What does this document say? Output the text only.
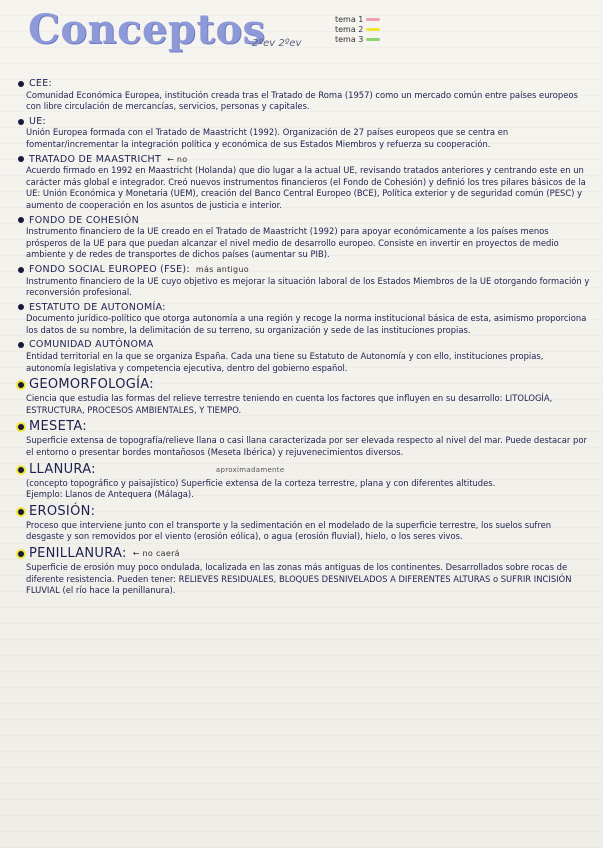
Conceptos
2ºev 2ºev
tema 1
tema 2
tema 3
CEE:

Comunidad Económica Europea, institución creada tras el Tratado de Roma (1957) como un mercado común entre países europeos con libre circulación de mercancías, servicios, personas y capitales.

UE:

Unión Europea formada con el Tratado de Maastricht (1992). Organización de 27 países europeos que se centra en fomentar/incrementar la integración política y económica de sus Estados Miembros y refuerza su cooperación.

TRATADO DE MAASTRICHT ← no

Acuerdo firmado en 1992 en Maastricht (Holanda) que dio lugar a la actual UE, revisando tratados anteriores y centrando este en un carácter más global e integrador. Creó nuevos instrumentos financieros (el Fondo de Cohesión) y definió los tres pilares básicos de la UE: Unión Económica y Monetaria (UEM), creación del Banco Central Europeo (BCE), Política exterior y de seguridad común (PESC) y aumento de cooperación en los asuntos de justicia e interior.

FONDO DE COHESIÓN

Instrumento financiero de la UE creado en el Tratado de Maastricht (1992) para apoyar económicamente a los países menos prósperos de la UE para que puedan alcanzar el nivel medio de desarrollo europeo. Consiste en invertir en proyectos de medio ambiente y de redes de transportes de dichos países (aumentar su PIB).

FONDO SOCIAL EUROPEO (FSE): más antiguo

Instrumento financiero de la UE cuyo objetivo es mejorar la situación laboral de los Estados Miembros de la UE otorgando formación y reconversión profesional.

ESTATUTO DE AUTONOMÍA:

Documento jurídico-político que otorga autonomía a una región y recoge la norma institucional básica de esta, asimismo proporciona los datos de su nombre, la delimitación de su terreno, su organización y sede de las instituciones propias.

COMUNIDAD AUTÓNOMA

Entidad territorial en la que se organiza España. Cada una tiene su Estatuto de Autonomía y con ello, instituciones propias, autonomía legislativa y competencia ejecutiva, dentro del gobierno español.

GEOMORFOLOGÍA:

Ciencia que estudia las formas del relieve terrestre teniendo en cuenta los factores que influyen en su desarrollo: LITOLOGÍA, ESTRUCTURA, PROCESOS AMBIENTALES, Y TIEMPO.

MESETA:

Superficie extensa de topografía/relieve llana o casi llana caracterizada por ser elevada respecto al nivel del mar. Puede destacar por el entorno o presentar bordes montañosos (Meseta Ibérica) y rejuvenecimientos diversos.

LLANURA:	aproximadamente

(concepto topográfico y paisajístico) Superficie extensa de la corteza terrestre, plana y con diferentes altitudes.

Ejemplo: Llanos de Antequera (Málaga).
EROSIÓN:

Proceso que interviene junto con el transporte y la sedimentación en el modelado de la superficie terrestre, los suelos sufren desgaste y son removidos por el viento (erosión eólica), o agua (erosión fluvial), hielo, o los seres vivos.

PENILLANURA: ← no caerá

Superficie de erosión muy poco ondulada, localizada en las zonas más antiguas de los continentes. Desarrollados sobre rocas de diferente resistencia. Pueden tener: RELIEVES RESIDUALES, BLOQUES DESNIVELADOS A DIFERENTES ALTURAS o SUFRIR INCISIÓN FLUVIAL (el río hace la penillanura).
